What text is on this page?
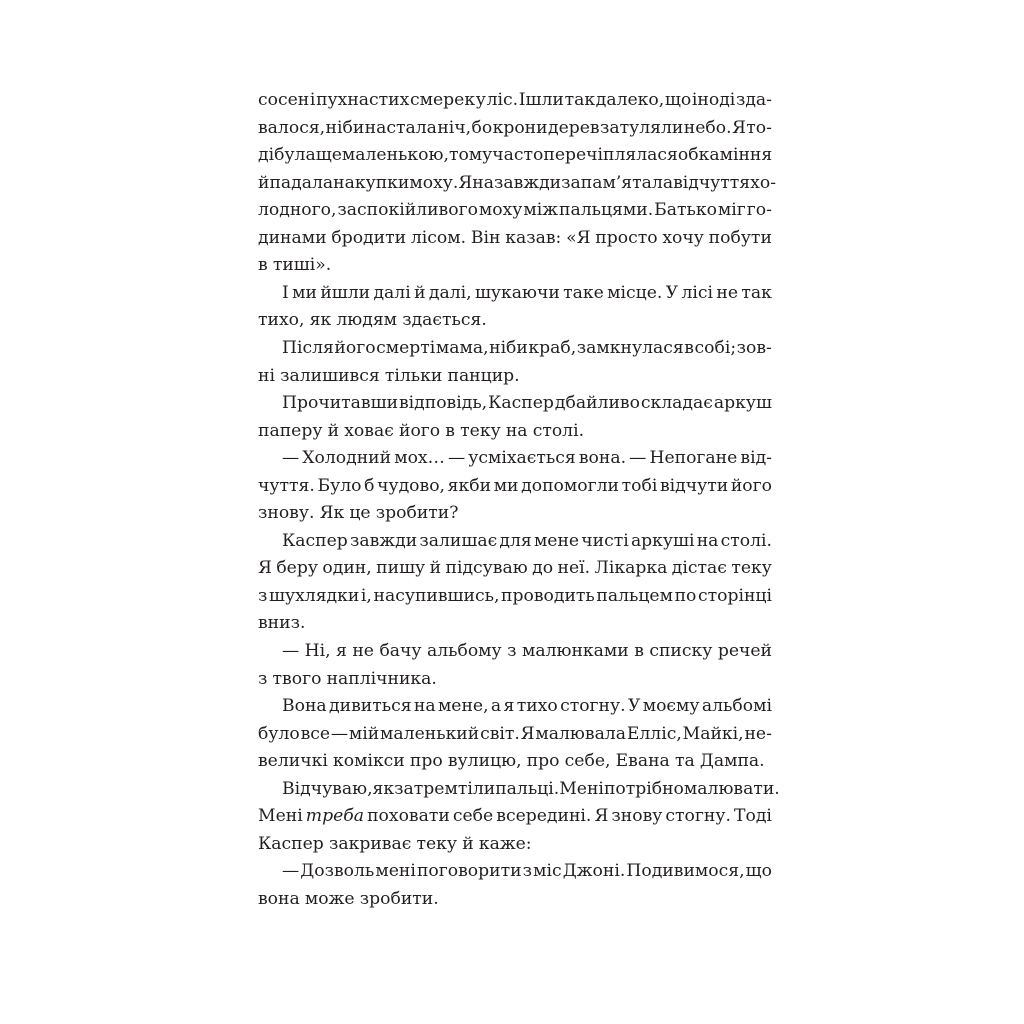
сосен і пухнастих смерек у ліс. Ішли так далеко, що іноді зда-
валося, ніби настала ніч, бо крони дерев затуляли небо. Я то-
ді була ще маленькою, тому часто перечіплялася об каміння
й падала на купки моху. Я назавжди запам’ятала відчуття хо-
лодного, заспокійливого моху між пальцями. Батько міг го-
динами бродити лісом. Він казав: «Я просто хочу побути
в тиші».
І ми йшли далі й далі, шукаючи таке місце. У лісі не так
тихо, як людям здається.
Після його смерті мама, ніби краб, замкнулася в собі; зов-
ні залишився тільки панцир.
Прочитавши відповідь, Каспер дбайливо складає аркуш
паперу й ховає його в теку на столі.
— Холодний мох… — усміхається вона. — Непогане від-
чуття. Було б чудово, якби ми допомогли тобі відчути його
знову. Як це зробити?
Каспер завжди залишає для мене чисті аркуші на столі.
Я беру один, пишу й підсуваю до неї. Лікарка дістає теку
з шухлядки і, насупившись, проводить пальцем по сторінці
вниз.
— Ні, я не бачу альбому з малюнками в списку речей
з твого наплічника.
Вона дивиться на мене, а я тихо стогну. У моєму альбомі
було все — мій маленький світ. Я малювала Елліс, Майкі, не-
величкі комікси про вулицю, про себе, Евана та Дампа.
Відчуваю, як затремтіли пальці. Мені потрібно малювати.
Мені треба поховати себе всередині. Я знову стогну. Тоді
Каспер закриває теку й каже:
— Дозволь мені поговорити з міс Джоні. Подивимося, що
вона може зробити.
